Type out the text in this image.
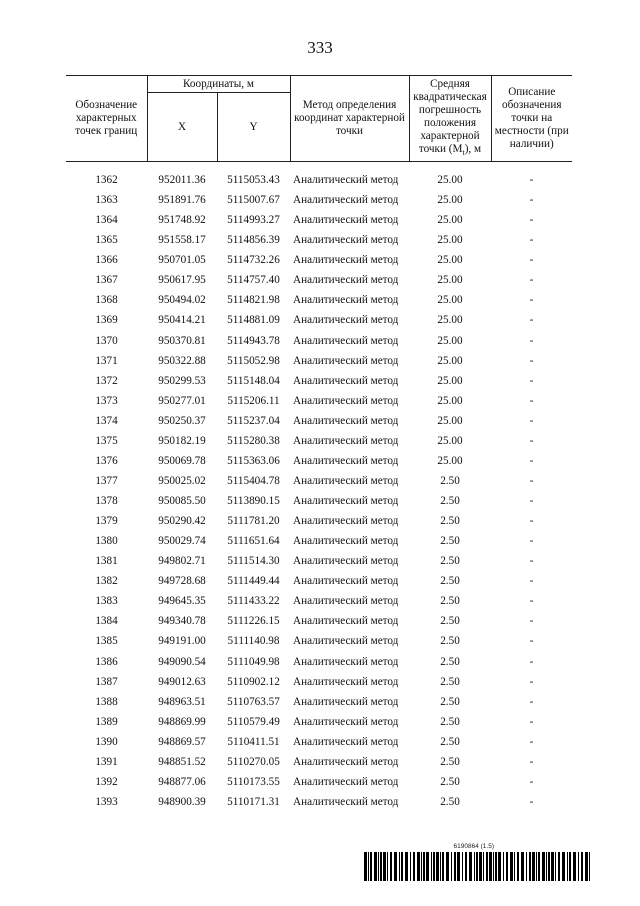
333
Обозначение характерных точек границ	Координаты, м		Метод определения координат характерной точки	Средняя квадратическая погрешность положения характерной
точки $(M_t)$, м	Описание обозначения точки на местности (при наличии)
	X	Y			

1362	952011.36	5115053.43	Аналитический метод	25.00	-
1363	951891.76	5115007.67	Аналитический метод	25.00	-
1364	951748.92	5114993.27	Аналитический метод	25.00	-
1365	951558.17	5114856.39	Аналитический метод	25.00	-
1366	950701.05	5114732.26	Аналитический метод	25.00	-
1367	950617.95	5114757.40	Аналитический метод	25.00	-
1368	950494.02	5114821.98	Аналитический метод	25.00	-
1369	950414.21	5114881.09	Аналитический метод	25.00	-
1370	950370.81	5114943.78	Аналитический метод	25.00	-
1371	950322.88	5115052.98	Аналитический метод	25.00	-
1372	950299.53	5115148.04	Аналитический метод	25.00	-
1373	950277.01	5115206.11	Аналитический метод	25.00	-
1374	950250.37	5115237.04	Аналитический метод	25.00	-
1375	950182.19	5115280.38	Аналитический метод	25.00	-
1376	950069.78	5115363.06	Аналитический метод	25.00	-
1377	950025.02	5115404.78	Аналитический метод	2.50	-
1378	950085.50	5113890.15	Аналитический метод	2.50	-
1379	950290.42	5111781.20	Аналитический метод	2.50	-
1380	950029.74	5111651.64	Аналитический метод	2.50	-
1381	949802.71	5111514.30	Аналитический метод	2.50	-
1382	949728.68	5111449.44	Аналитический метод	2.50	-
1383	949645.35	5111433.22	Аналитический метод	2.50	-
1384	949340.78	5111226.15	Аналитический метод	2.50	-
1385	949191.00	5111140.98	Аналитический метод	2.50	-
1386	949090.54	5111049.98	Аналитический метод	2.50	-
1387	949012.63	5110902.12	Аналитический метод	2.50	-
1388	948963.51	5110763.57	Аналитический метод	2.50	-
1389	948869.99	5110579.49	Аналитический метод	2.50	-
1390	948869.57	5110411.51	Аналитический метод	2.50	-
1391	948851.52	5110270.05	Аналитический метод	2.50	-
1392	948877.06	5110173.55	Аналитический метод	2.50	-
1393	948900.39	5110171.31	Аналитический метод	2.50	-
6190864 (1.5)
